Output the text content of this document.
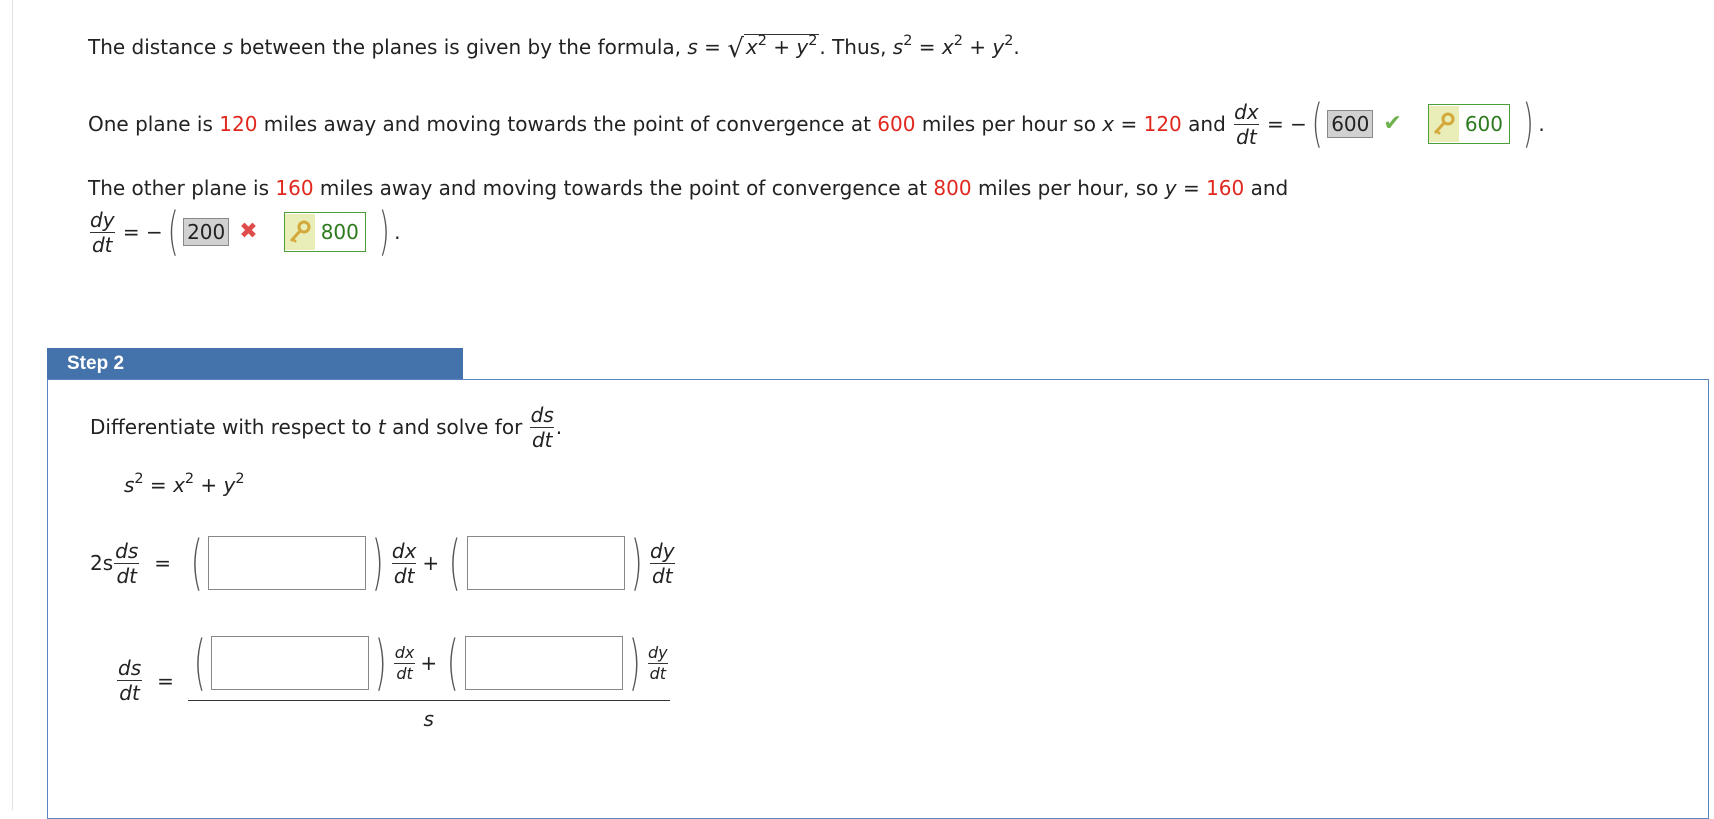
The distance s between the planes is given by the formula, s = √ $x^2 + y^2$ . Thus, $s^2 = x^2 + y^2$.
One plane is 120 miles away and moving towards the point of convergence at 600 miles per hour so x = 120 and $\frac{dx}{dt}$ = − ( 600 ✔	600 ) .
The other plane is 160 miles away and moving towards the point of convergence at 800 miles per hour, so y = 160 and
$\frac{dy}{dt}$ = − ( 200 ✖	800 ) .
Step 2
Differentiate with respect to t and solve for $\frac{ds}{dt}$ .
$s^2 = x^2 + y^2$
$2s \frac{ds}{dt}$ = (	) $\frac{dx}{dt}$ + (	) $\frac{dy}{dt}$
$\frac{ds}{dt}$ = (	) $\frac{dx}{dt}$ + (	) $\frac{dy}{dt}$
s
